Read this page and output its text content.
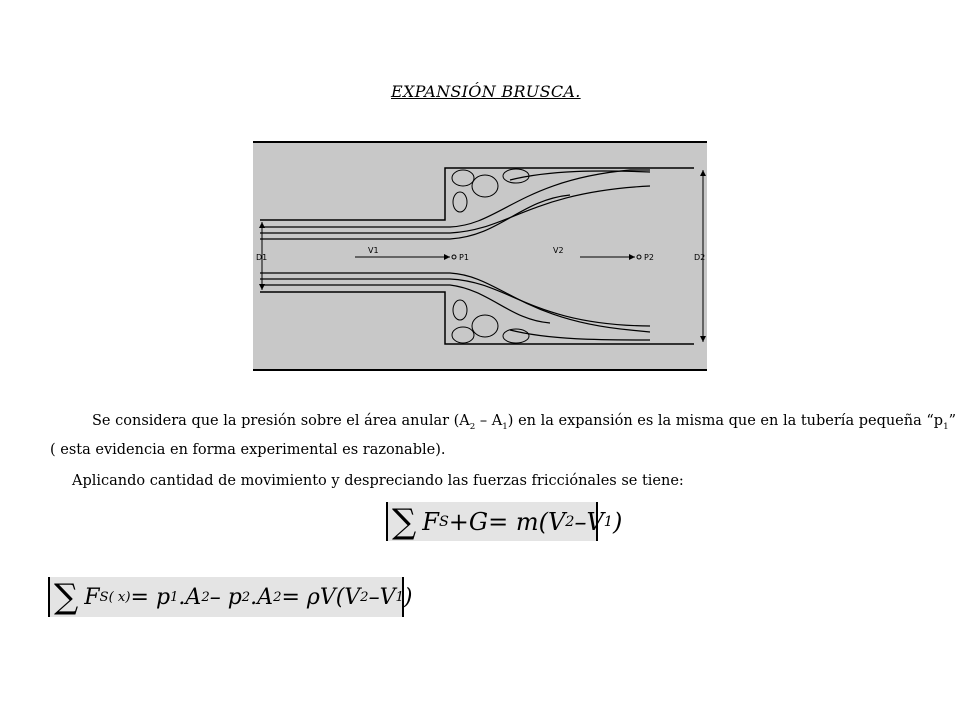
EXPANSIÓN BRUSCA.
D1	D2
V1	V2
P1	P2
Se considera que la presión sobre el área anular $(A_2 - A_1)$ en la expansión es la misma que en la tubería pequeña “$p_1$”
( esta evidencia en forma experimental es razonable).
Aplicando cantidad de movimiento y despreciando las fuerzas fricciónales se tiene:
∑ F S + G = m(V 2 –V 1 )
∑ F S( x) = p 1 .A 2 – p 2 .A 2 = ρV(V 2 –V 1 )
